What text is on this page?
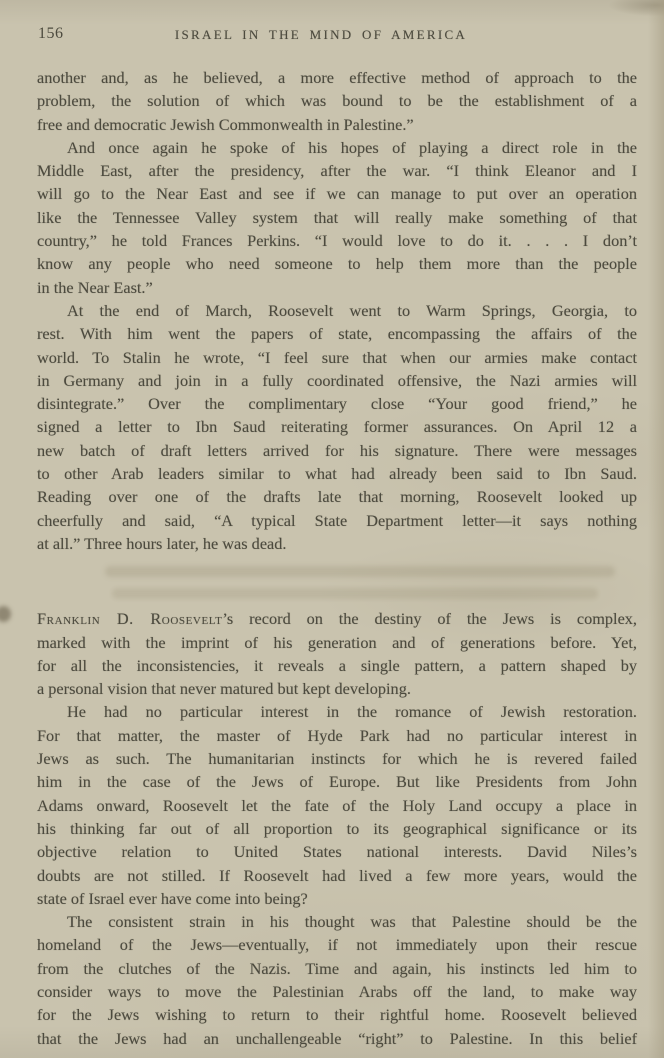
156	ISRAEL IN THE MIND OF AMERICA
another and, as he believed, a more effective method of approach to the
problem, the solution of which was bound to be the establishment of a
free and democratic Jewish Commonwealth in Palestine.”
And once again he spoke of his hopes of playing a direct role in the
Middle East, after the presidency, after the war. “I think Eleanor and I
will go to the Near East and see if we can manage to put over an operation
like the Tennessee Valley system that will really make something of that
country,” he told Frances Perkins. “I would love to do it. . . . I don’t
know any people who need someone to help them more than the people
in the Near East.”
At the end of March, Roosevelt went to Warm Springs, Georgia, to
rest. With him went the papers of state, encompassing the affairs of the
world. To Stalin he wrote, “I feel sure that when our armies make contact
in Germany and join in a fully coordinated offensive, the Nazi armies will
disintegrate.” Over the complimentary close “Your good friend,” he
signed a letter to Ibn Saud reiterating former assurances. On April 12 a
new batch of draft letters arrived for his signature. There were messages
to other Arab leaders similar to what had already been said to Ibn Saud.
Reading over one of the drafts late that morning, Roosevelt looked up
cheerfully and said, “A typical State Department letter—it says nothing
at all.” Three hours later, he was dead.
Franklin D. Roosevelt’s record on the destiny of the Jews is complex,
marked with the imprint of his generation and of generations before. Yet,
for all the inconsistencies, it reveals a single pattern, a pattern shaped by
a personal vision that never matured but kept developing.
He had no particular interest in the romance of Jewish restoration.
For that matter, the master of Hyde Park had no particular interest in
Jews as such. The humanitarian instincts for which he is revered failed
him in the case of the Jews of Europe. But like Presidents from John
Adams onward, Roosevelt let the fate of the Holy Land occupy a place in
his thinking far out of all proportion to its geographical significance or its
objective relation to United States national interests. David Niles’s
doubts are not stilled. If Roosevelt had lived a few more years, would the
state of Israel ever have come into being?
The consistent strain in his thought was that Palestine should be the
homeland of the Jews—eventually, if not immediately upon their rescue
from the clutches of the Nazis. Time and again, his instincts led him to
consider ways to move the Palestinian Arabs off the land, to make way
for the Jews wishing to return to their rightful home. Roosevelt believed
that the Jews had an unchallengeable “right” to Palestine. In this belief
